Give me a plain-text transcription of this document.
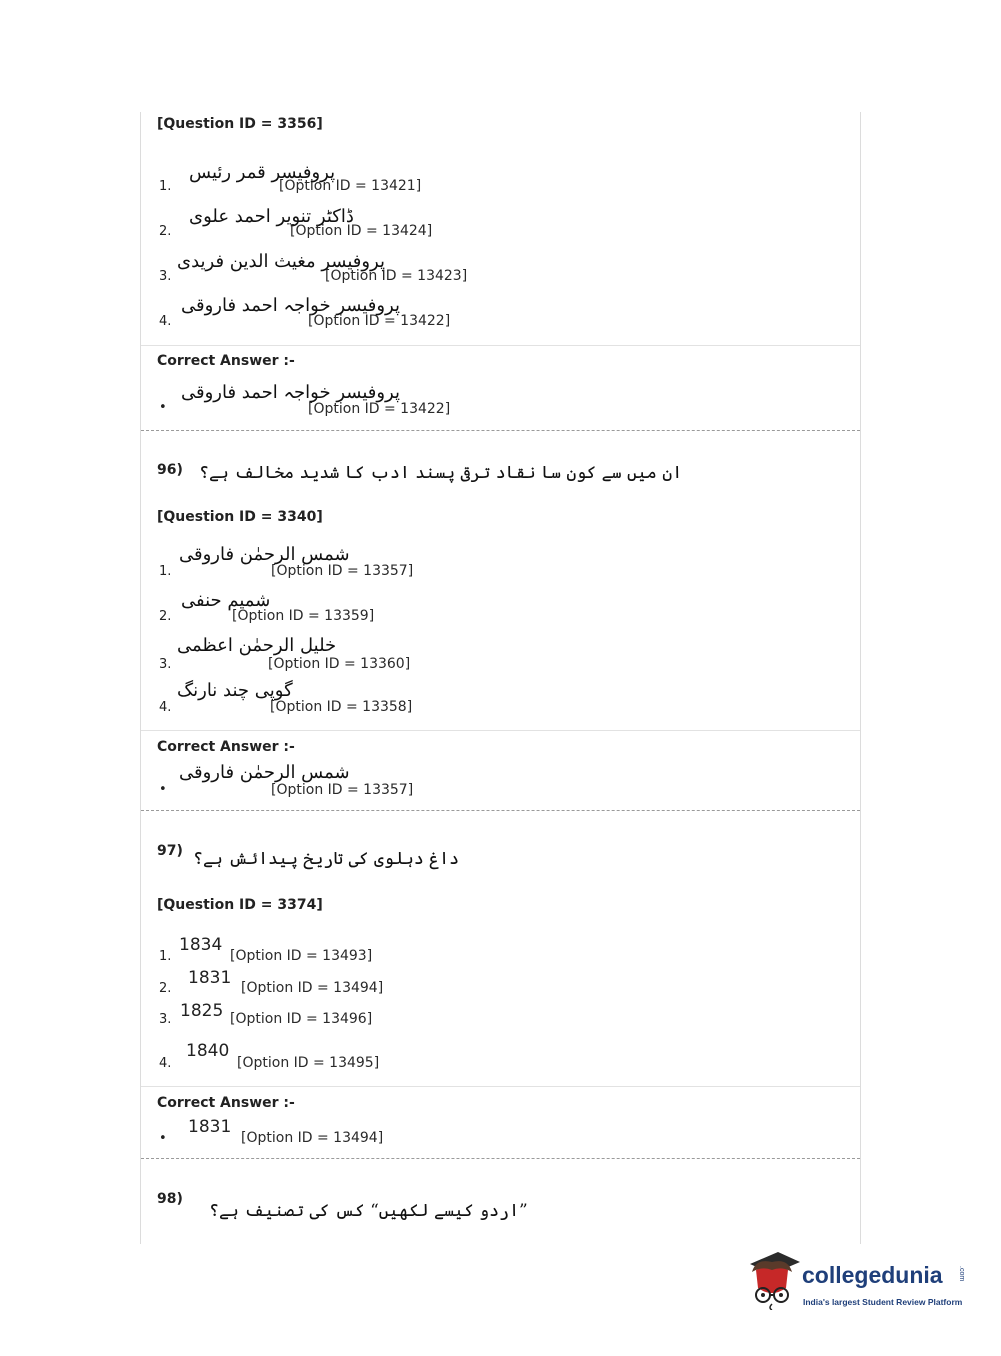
[Question ID = 3356]
1.
پروفیسر قمر رئیس
[Option ID = 13421]
2.
ڈاکٹر تنویر احمد علوی
[Option ID = 13424]
3.
پروفیسر مغیث الدین فریدی
[Option ID = 13423]
4.
پروفیسر خواجہ احمد فاروقی
[Option ID = 13422]
Correct Answer :-
•
پروفیسر خواجہ احمد فاروقی
[Option ID = 13422]
96) ان میں سے کون سا نقاد ترقی پسند ادب کا شدید مخالف ہے؟
[Question ID = 3340]
1.
شمس الرحمٰن فاروقی
[Option ID = 13357]
2.
شمیم حنفی
[Option ID = 13359]
3.
خلیل الرحمٰن اعظمی
[Option ID = 13360]
4.
گوپی چند نارنگ
[Option ID = 13358]
Correct Answer :-
•
شمس الرحمٰن فاروقی
[Option ID = 13357]
97) داغ دہلوی کی تاریخ پیدائش ہے؟
[Question ID = 3374]
1.
1834
[Option ID = 13493]
2.
1831 [Option ID = 13494]
3. 1825 [Option ID = 13496]
4.
1840
[Option ID = 13495]
Correct Answer :-
•
1831
[Option ID = 13494]
98)
”اردو کیسے لکھیں“ کس کی تصنیف ہے؟
collegedunia .com
India's largest Student Review Platform
